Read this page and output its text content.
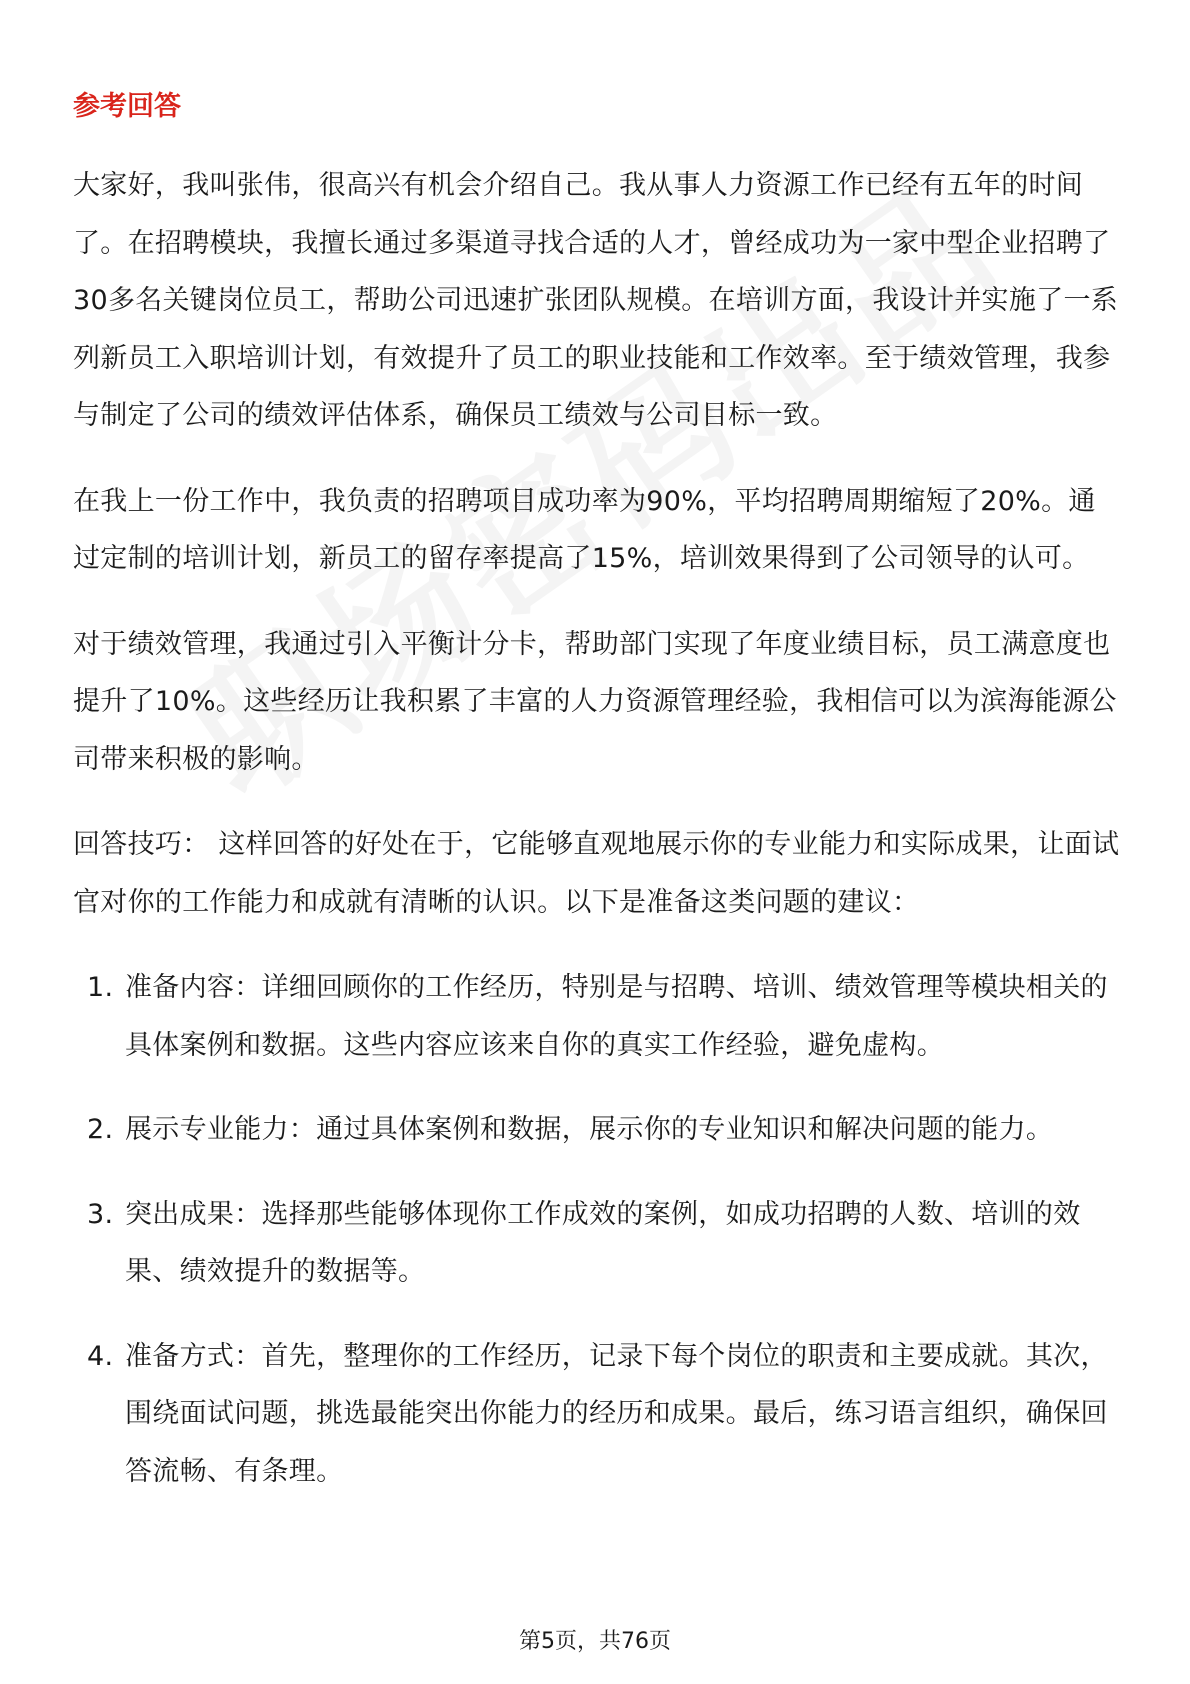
参考回答

大家好，我叫张伟，很高兴有机会介绍自己。我从事人力资源工作已经有五年的时间了。在招聘模块，我擅长通过多渠道寻找合适的人才，曾经成功为一家中型企业招聘了30多名关键岗位员工，帮助公司迅速扩张团队规模。在培训方面，我设计并实施了一系列新员工入职培训计划，有效提升了员工的职业技能和工作效率。至于绩效管理，我参与制定了公司的绩效评估体系，确保员工绩效与公司目标一致。

在我上一份工作中，我负责的招聘项目成功率为90%，平均招聘周期缩短了20%。通过定制的培训计划，新员工的留存率提高了15%，培训效果得到了公司领导的认可。

对于绩效管理，我通过引入平衡计分卡，帮助部门实现了年度业绩目标，员工满意度也提升了10%。这些经历让我积累了丰富的人力资源管理经验，我相信可以为滨海能源公司带来积极的影响。

回答技巧： 这样回答的好处在于，它能够直观地展示你的专业能力和实际成果，让面试官对你的工作能力和成就有清晰的认识。以下是准备这类问题的建议：

1. 准备内容：详细回顾你的工作经历，特别是与招聘、培训、绩效管理等模块相关的具体案例和数据。这些内容应该来自你的真实工作经验，避免虚构。
2. 展示专业能力：通过具体案例和数据，展示你的专业知识和解决问题的能力。
3. 突出成果：选择那些能够体现你工作成效的案例，如成功招聘的人数、培训的效果、绩效提升的数据等。
4. 准备方式：首先，整理你的工作经历，记录下每个岗位的职责和主要成就。其次，围绕面试问题，挑选最能突出你能力的经历和成果。最后，练习语言组织，确保回答流畅、有条理。
第5页，共76页
